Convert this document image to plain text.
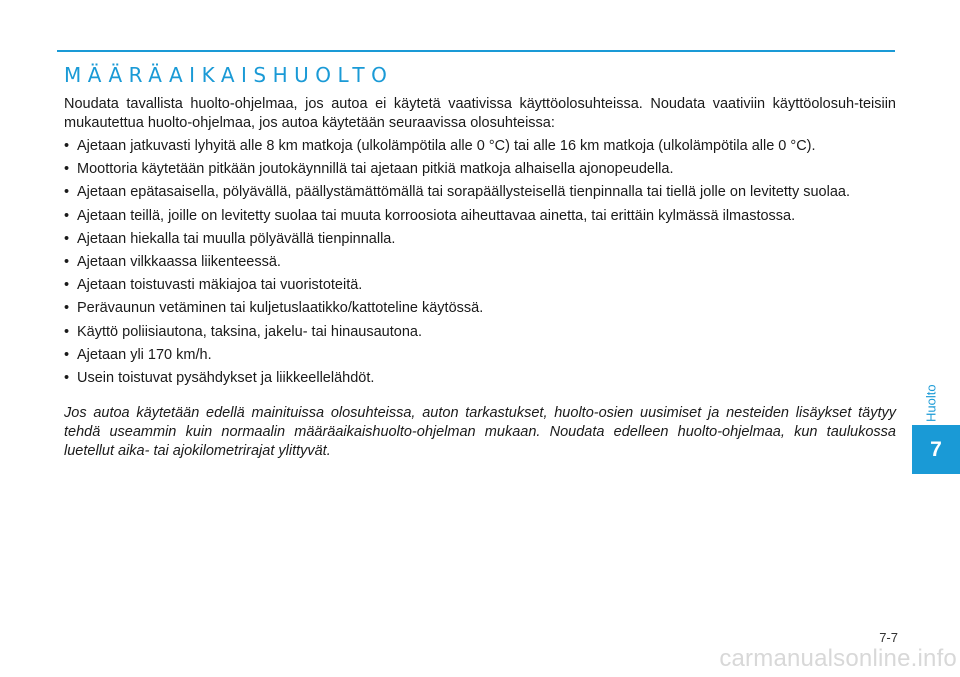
MÄÄRÄAIKAISHUOLTO

Noudata tavallista huolto-ohjelmaa, jos autoa ei käytetä vaativissa käyttöolosuhteissa. Noudata vaativiin käyttöolosuh-teisiin mukautettua huolto-ohjelmaa, jos autoa käytetään seuraavissa olosuhteissa:

• Ajetaan jatkuvasti lyhyitä alle 8 km matkoja (ulkolämpötila alle 0 °C) tai alle 16 km matkoja (ulkolämpötila alle 0 °C).
• Moottoria käytetään pitkään joutokäynnillä tai ajetaan pitkiä matkoja alhaisella ajonopeudella.
• Ajetaan epätasaisella, pölyävällä, päällystämättömällä tai sorapäällysteisellä tienpinnalla tai tiellä jolle on levitetty suolaa.
• Ajetaan teillä, joille on levitetty suolaa tai muuta korroosiota aiheuttavaa ainetta, tai erittäin kylmässä ilmastossa.
• Ajetaan hiekalla tai muulla pölyävällä tienpinnalla.
• Ajetaan vilkkaassa liikenteessä.
• Ajetaan toistuvasti mäkiajoa tai vuoristoteitä.
• Perävaunun vetäminen tai kuljetuslaatikko/kattoteline käytössä.
• Käyttö poliisiautona, taksina, jakelu- tai hinausautona.
• Ajetaan yli 170 km/h.
• Usein toistuvat pysähdykset ja liikkeellelähdöt.

Jos autoa käytetään edellä mainituissa olosuhteissa, auton tarkastukset, huolto-osien uusimiset ja nesteiden lisäykset täytyy tehdä useammin kuin normaalin määräaikaishuolto-ohjelman mukaan. Noudata edelleen huolto-ohjelmaa, kun taulukossa luetellut aika- tai ajokilometrirajat ylittyvät.

Huolto
7
7-7
carmanualsonline.info
